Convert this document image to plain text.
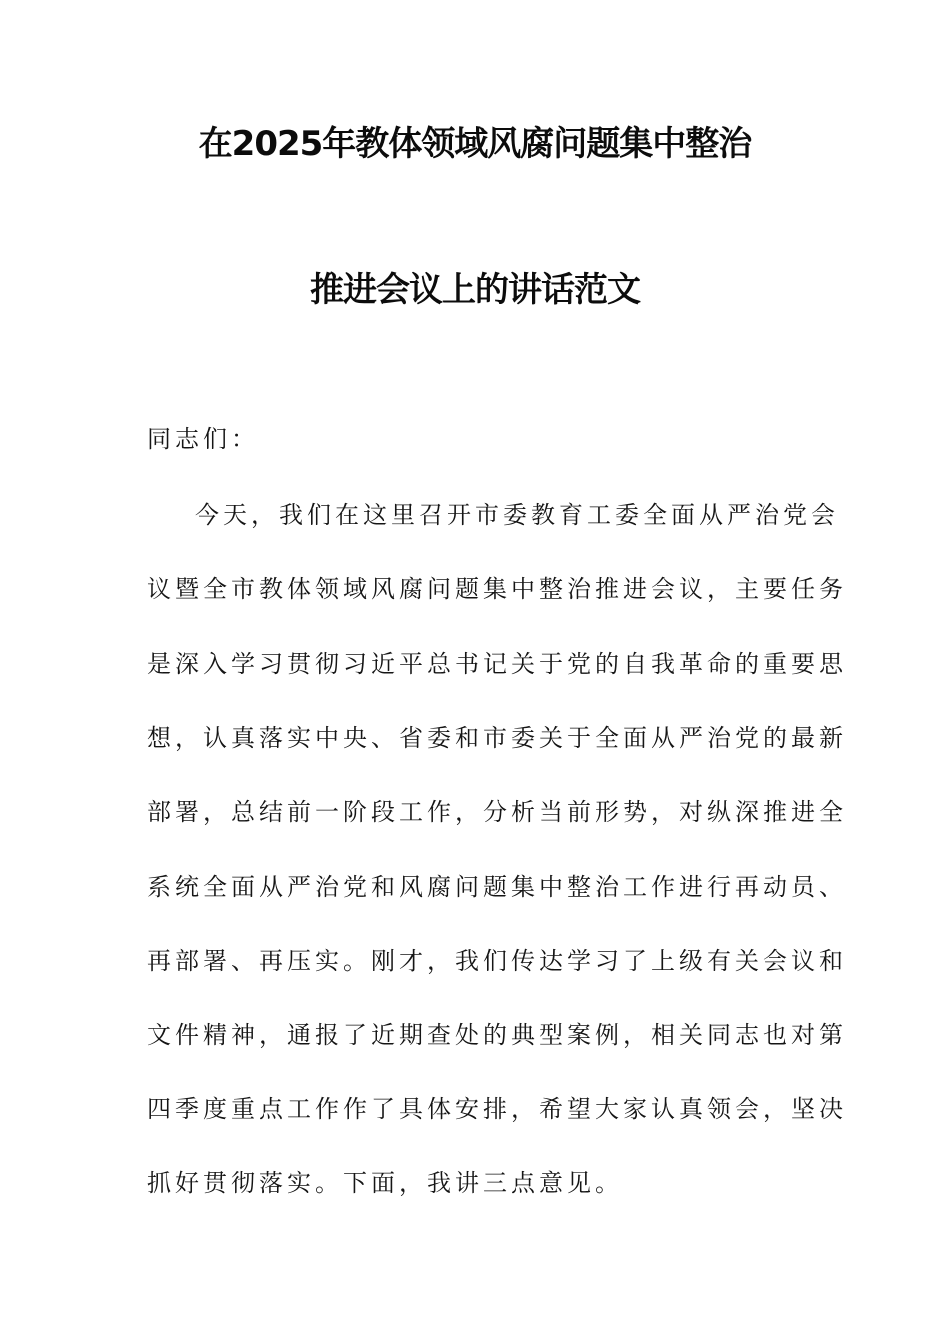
在2025年教体领域风腐问题集中整治
推进会议上的讲话范文
同志们：
今天，我们在这里召开市委教育工委全面从严治党会
议暨全市教体领域风腐问题集中整治推进会议，主要任务
是深入学习贯彻习近平总书记关于党的自我革命的重要思
想，认真落实中央、省委和市委关于全面从严治党的最新
部署，总结前一阶段工作，分析当前形势，对纵深推进全
系统全面从严治党和风腐问题集中整治工作进行再动员、
再部署、再压实。刚才，我们传达学习了上级有关会议和
文件精神，通报了近期查处的典型案例，相关同志也对第
四季度重点工作作了具体安排，希望大家认真领会，坚决
抓好贯彻落实。下面，我讲三点意见。
